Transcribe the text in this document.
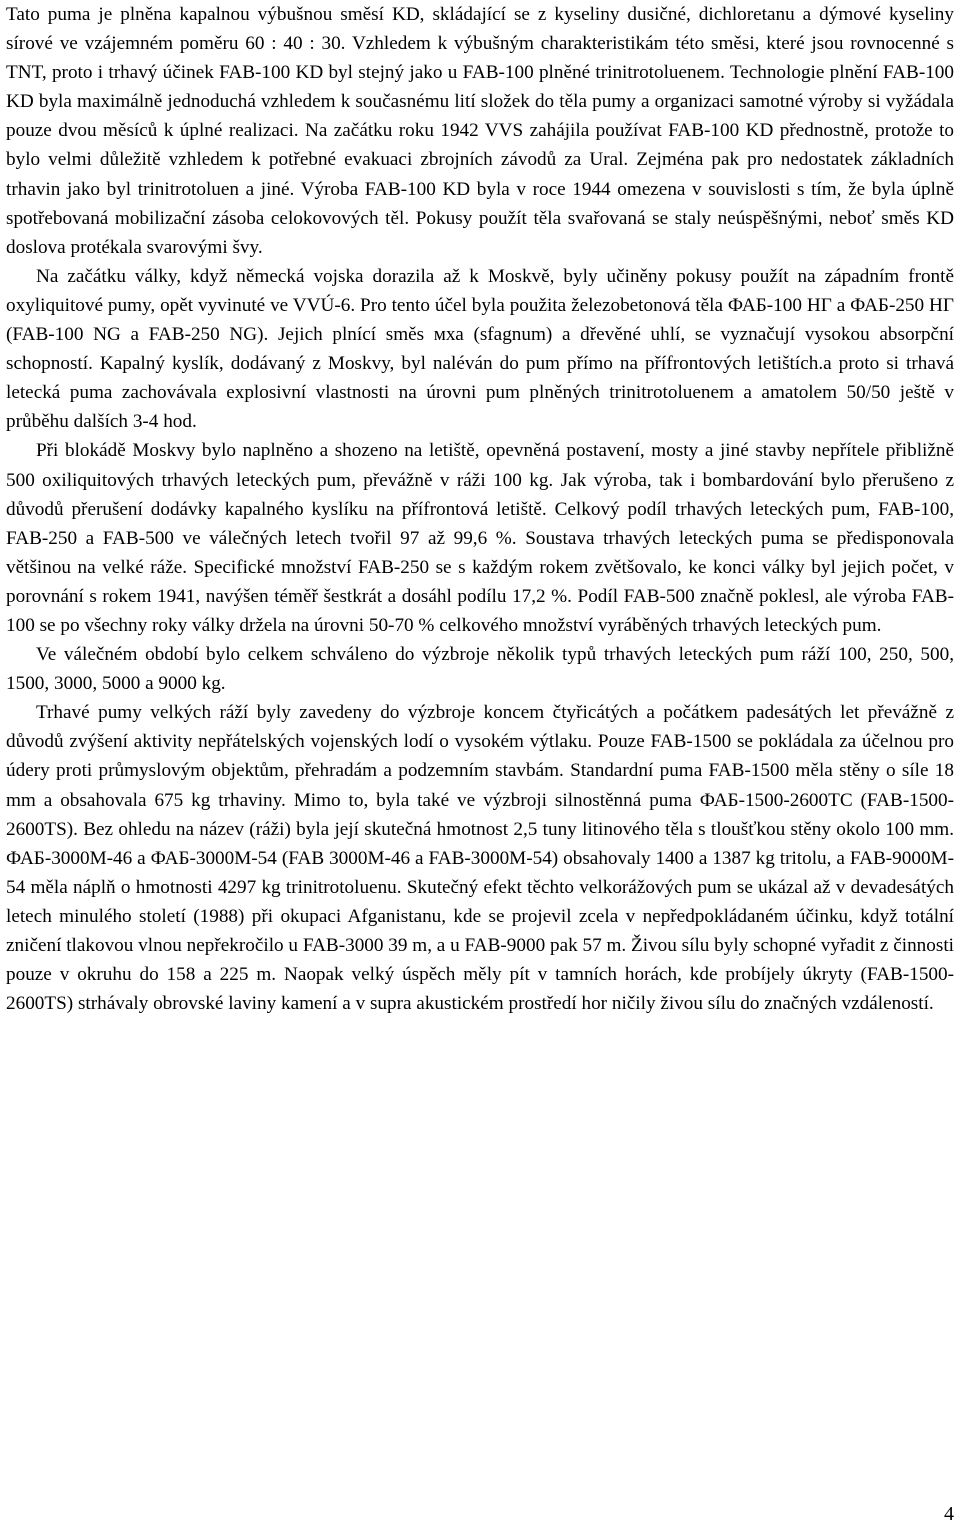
Tato puma je plněna kapalnou výbušnou směsí KD, skládající se z kyseliny dusičné, dichloretanu a dýmové kyseliny sírové ve vzájemném poměru 60 : 40 : 30. Vzhledem k výbušným charakteristikám této směsi, které jsou rovnocenné s TNT, proto i trhavý účinek FAB-100 KD byl stejný jako u FAB-100 plněné trinitrotoluenem. Technologie plnění FAB-100 KD byla maximálně jednoduchá vzhledem k současnému lití složek do těla pumy a organizaci samotné výroby si vyžádala pouze dvou měsíců k úplné realizaci. Na začátku roku 1942 VVS zahájila používat FAB-100 KD přednostně, protože to bylo velmi důležitě vzhledem k potřebné evakuaci zbrojních závodů za Ural. Zejména pak pro nedostatek základních trhavin jako byl trinitrotoluen a jiné. Výroba FAB-100 KD byla v roce 1944 omezena v souvislosti s tím, že byla úplně spotřebovaná mobilizační zásoba celokovových těl. Pokusy použít těla svařovaná se staly neúspěšnými, neboť směs KD doslova protékala svarovými švy.

Na začátku války, když německá vojska dorazila až k Moskvě, byly učiněny pokusy použít na západním frontě oxyliquitové pumy, opět vyvinuté ve VVÚ-6. Pro tento účel byla použita železobetonová těla ФАБ-100 НГ a ФАБ-250 НГ (FAB-100 NG a FAB-250 NG). Jejich plnící směs мха (sfagnum) a dřevěné uhlí, se vyznačují vysokou absorpční schopností. Kapalný kyslík, dodávaný z Moskvy, byl naléván do pum přímo na přífrontových letištích.a proto si trhavá letecká puma zachovávala explosivní vlastnosti na úrovni pum plněných trinitrotoluenem a amatolem 50/50 ještě v průběhu dalších 3-4 hod.

Při blokádě Moskvy bylo naplněno a shozeno na letiště, opevněná postavení, mosty a jiné stavby nepřítele přibližně 500 oxiliquitových trhavých leteckých pum, převážně v ráži 100 kg. Jak výroba, tak i bombardování bylo přerušeno z důvodů přerušení dodávky kapalného kyslíku na přífrontová letiště. Celkový podíl trhavých leteckých pum, FAB-100, FAB-250 a FAB-500 ve válečných letech tvořil 97 až 99,6 %. Soustava trhavých leteckých puma se předisponovala většinou na velké ráže. Specifické množství FAB-250 se s každým rokem zvětšovalo, ke konci války byl jejich počet, v porovnání s rokem 1941, navýšen téměř šestkrát a dosáhl podílu 17,2 %. Podíl FAB-500 značně poklesl, ale výroba FAB-100 se po všechny roky války držela na úrovni 50-70 % celkového množství vyráběných trhavých leteckých pum.

Ve válečném období bylo celkem schváleno do výzbroje několik typů trhavých leteckých pum ráží 100, 250, 500, 1500, 3000, 5000 a 9000 kg.

Trhavé pumy velkých ráží byly zavedeny do výzbroje koncem čtyřicátých a počátkem padesátých let převážně z důvodů zvýšení aktivity nepřátelských vojenských lodí o vysokém výtlaku. Pouze FAB-1500 se pokládala za účelnou pro údery proti průmyslovým objektům, přehradám a podzemním stavbám. Standardní puma FAB-1500 měla stěny o síle 18 mm a obsahovala 675 kg trhaviny. Mimo to, byla také ve výzbroji silnostěnná puma ФАБ-1500-2600ТС (FAB-1500-2600TS). Bez ohledu na název (ráži) byla její skutečná hmotnost 2,5 tuny litinového těla s tloušťkou stěny okolo 100 mm. ФАБ-3000М-46 a ФАБ-3000М-54 (FAB 3000M-46 a FAB-3000M-54) obsahovaly 1400 a 1387 kg tritolu, a FAB-9000M-54 měla náplň o hmotnosti 4297 kg trinitrotoluenu. Skutečný efekt těchto velkorážových pum se ukázal až v devadesátých letech minulého století (1988) při okupaci Afganistanu, kde se projevil zcela v nepředpokládaném účinku, když totální zničení tlakovou vlnou nepřekročilo u FAB-3000 39 m, a u FAB-9000 pak 57 m. Živou sílu byly schopné vyřadit z činnosti pouze v okruhu do 158 a 225 m. Naopak velký úspěch měly pít v tamních horách, kde probíjely úkryty (FAB-1500-2600TS) strhávaly obrovské laviny kamení a v supra akustickém prostředí hor ničily živou sílu do značných vzdáleností.

4
